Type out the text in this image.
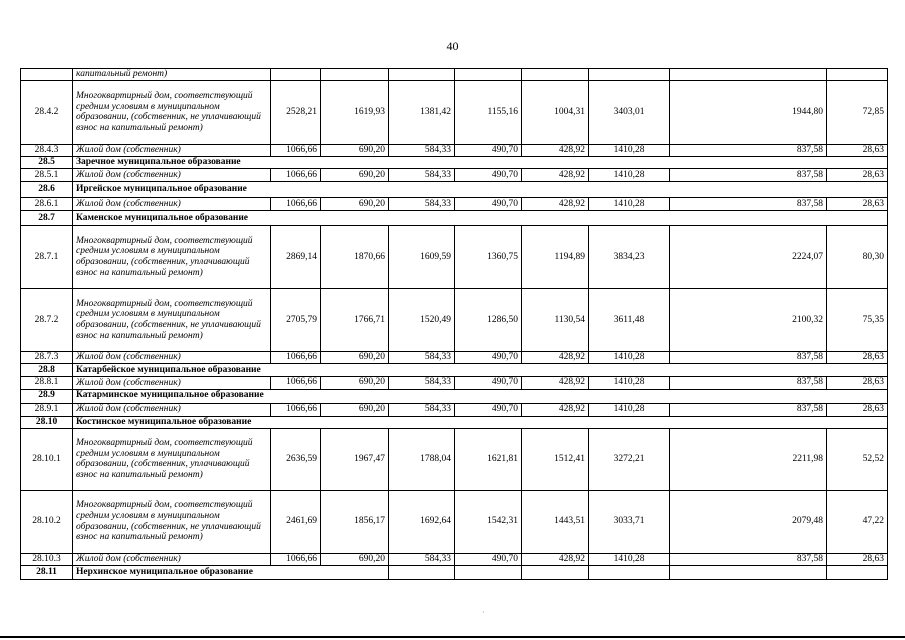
40
	капитальный ремонт)								
28.4.2	Многоквартирный дом, соответствующий средним условиям в муниципальном образовании, (собственник, не уплачивающий взнос на капитальный ремонт)	2528,21	1619,93	1381,42	1155,16	1004,31	3403,01	1944,80	72,85
28.4.3	Жилой дом (собственник)	1066,66	690,20	584,33	490,70	428,92	1410,28	837,58	28,63
28.5	Заречное муниципальное образование								
28.5.1	Жилой дом (собственник)	1066,66	690,20	584,33	490,70	428,92	1410,28	837,58	28,63
28.6	Иргейское муниципальное образование								
28.6.1	Жилой дом (собственник)	1066,66	690,20	584,33	490,70	428,92	1410,28	837,58	28,63
28.7	Каменское муниципальное образование								
28.7.1	Многоквартирный дом, соответствующий средним условиям в муниципальном образовании, (собственник, уплачивающий взнос на капитальный ремонт)	2869,14	1870,66	1609,59	1360,75	1194,89	3834,23	2224,07	80,30
28.7.2	Многоквартирный дом, соответствующий средним условиям в муниципальном образовании, (собственник, не уплачивающий взнос на капитальный ремонт)	2705,79	1766,71	1520,49	1286,50	1130,54	3611,48	2100,32	75,35
28.7.3	Жилой дом (собственник)	1066,66	690,20	584,33	490,70	428,92	1410,28	837,58	28,63
28.8	Катарбейское муниципальное образование								
28.8.1	Жилой дом (собственник)	1066,66	690,20	584,33	490,70	428,92	1410,28	837,58	28,63
28.9	Катарминское муниципальное образование								
28.9.1	Жилой дом (собственник)	1066,66	690,20	584,33	490,70	428,92	1410,28	837,58	28,63
28.10	Костинское муниципальное образование								
28.10.1	Многоквартирный дом, соответствующий средним условиям в муниципальном образовании, (собственник, уплачивающий взнос на капитальный ремонт)	2636,59	1967,47	1788,04	1621,81	1512,41	3272,21	2211,98	52,52
28.10.2	Многоквартирный дом, соответствующий средним условиям в муниципальном образовании, (собственник, не уплачивающий взнос на капитальный ремонт)	2461,69	1856,17	1692,64	1542,31	1443,51	3033,71	2079,48	47,22
28.10.3	Жилой дом (собственник)	1066,66	690,20	584,33	490,70	428,92	1410,28	837,58	28,63
28.11	Нерхинское муниципальное образование								
·
